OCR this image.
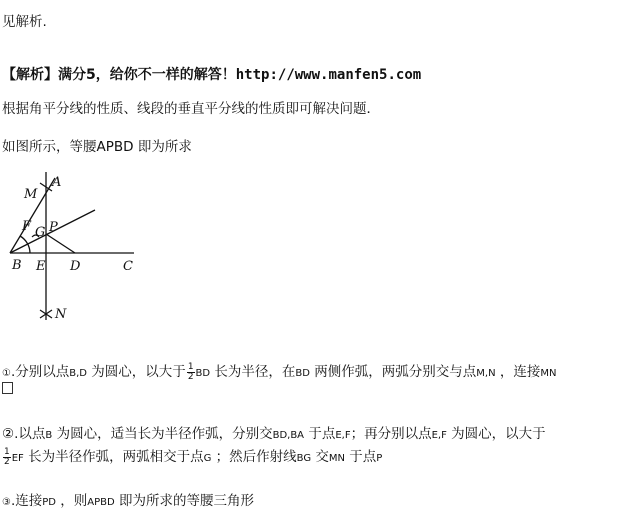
见解析.
【解析】满分5，给你不一样的解答！http://www.manfen5.com
根据角平分线的性质、线段的垂直平分线的性质即可解决问题．
如图所示，等腰APBD 即为所求
M
A
F G P
B E D	C
N
①.分别以点B,D 为圆心，以大于 $\frac{1}{2}$ BD 长为半径，在BD 两侧作弧，两弧分别交与点M,N ，连接MN
②.以点B 为圆心，适当长为半径作弧，分别交BD,BA 于点E,F；再分别以点E,F 为圆心，以大于
$\frac{1}{2}$ EF 长为半径作弧，两弧相交于点G ；然后作射线BG 交MN 于点P
③.连接PD ，则APBD 即为所求的等腰三角形
